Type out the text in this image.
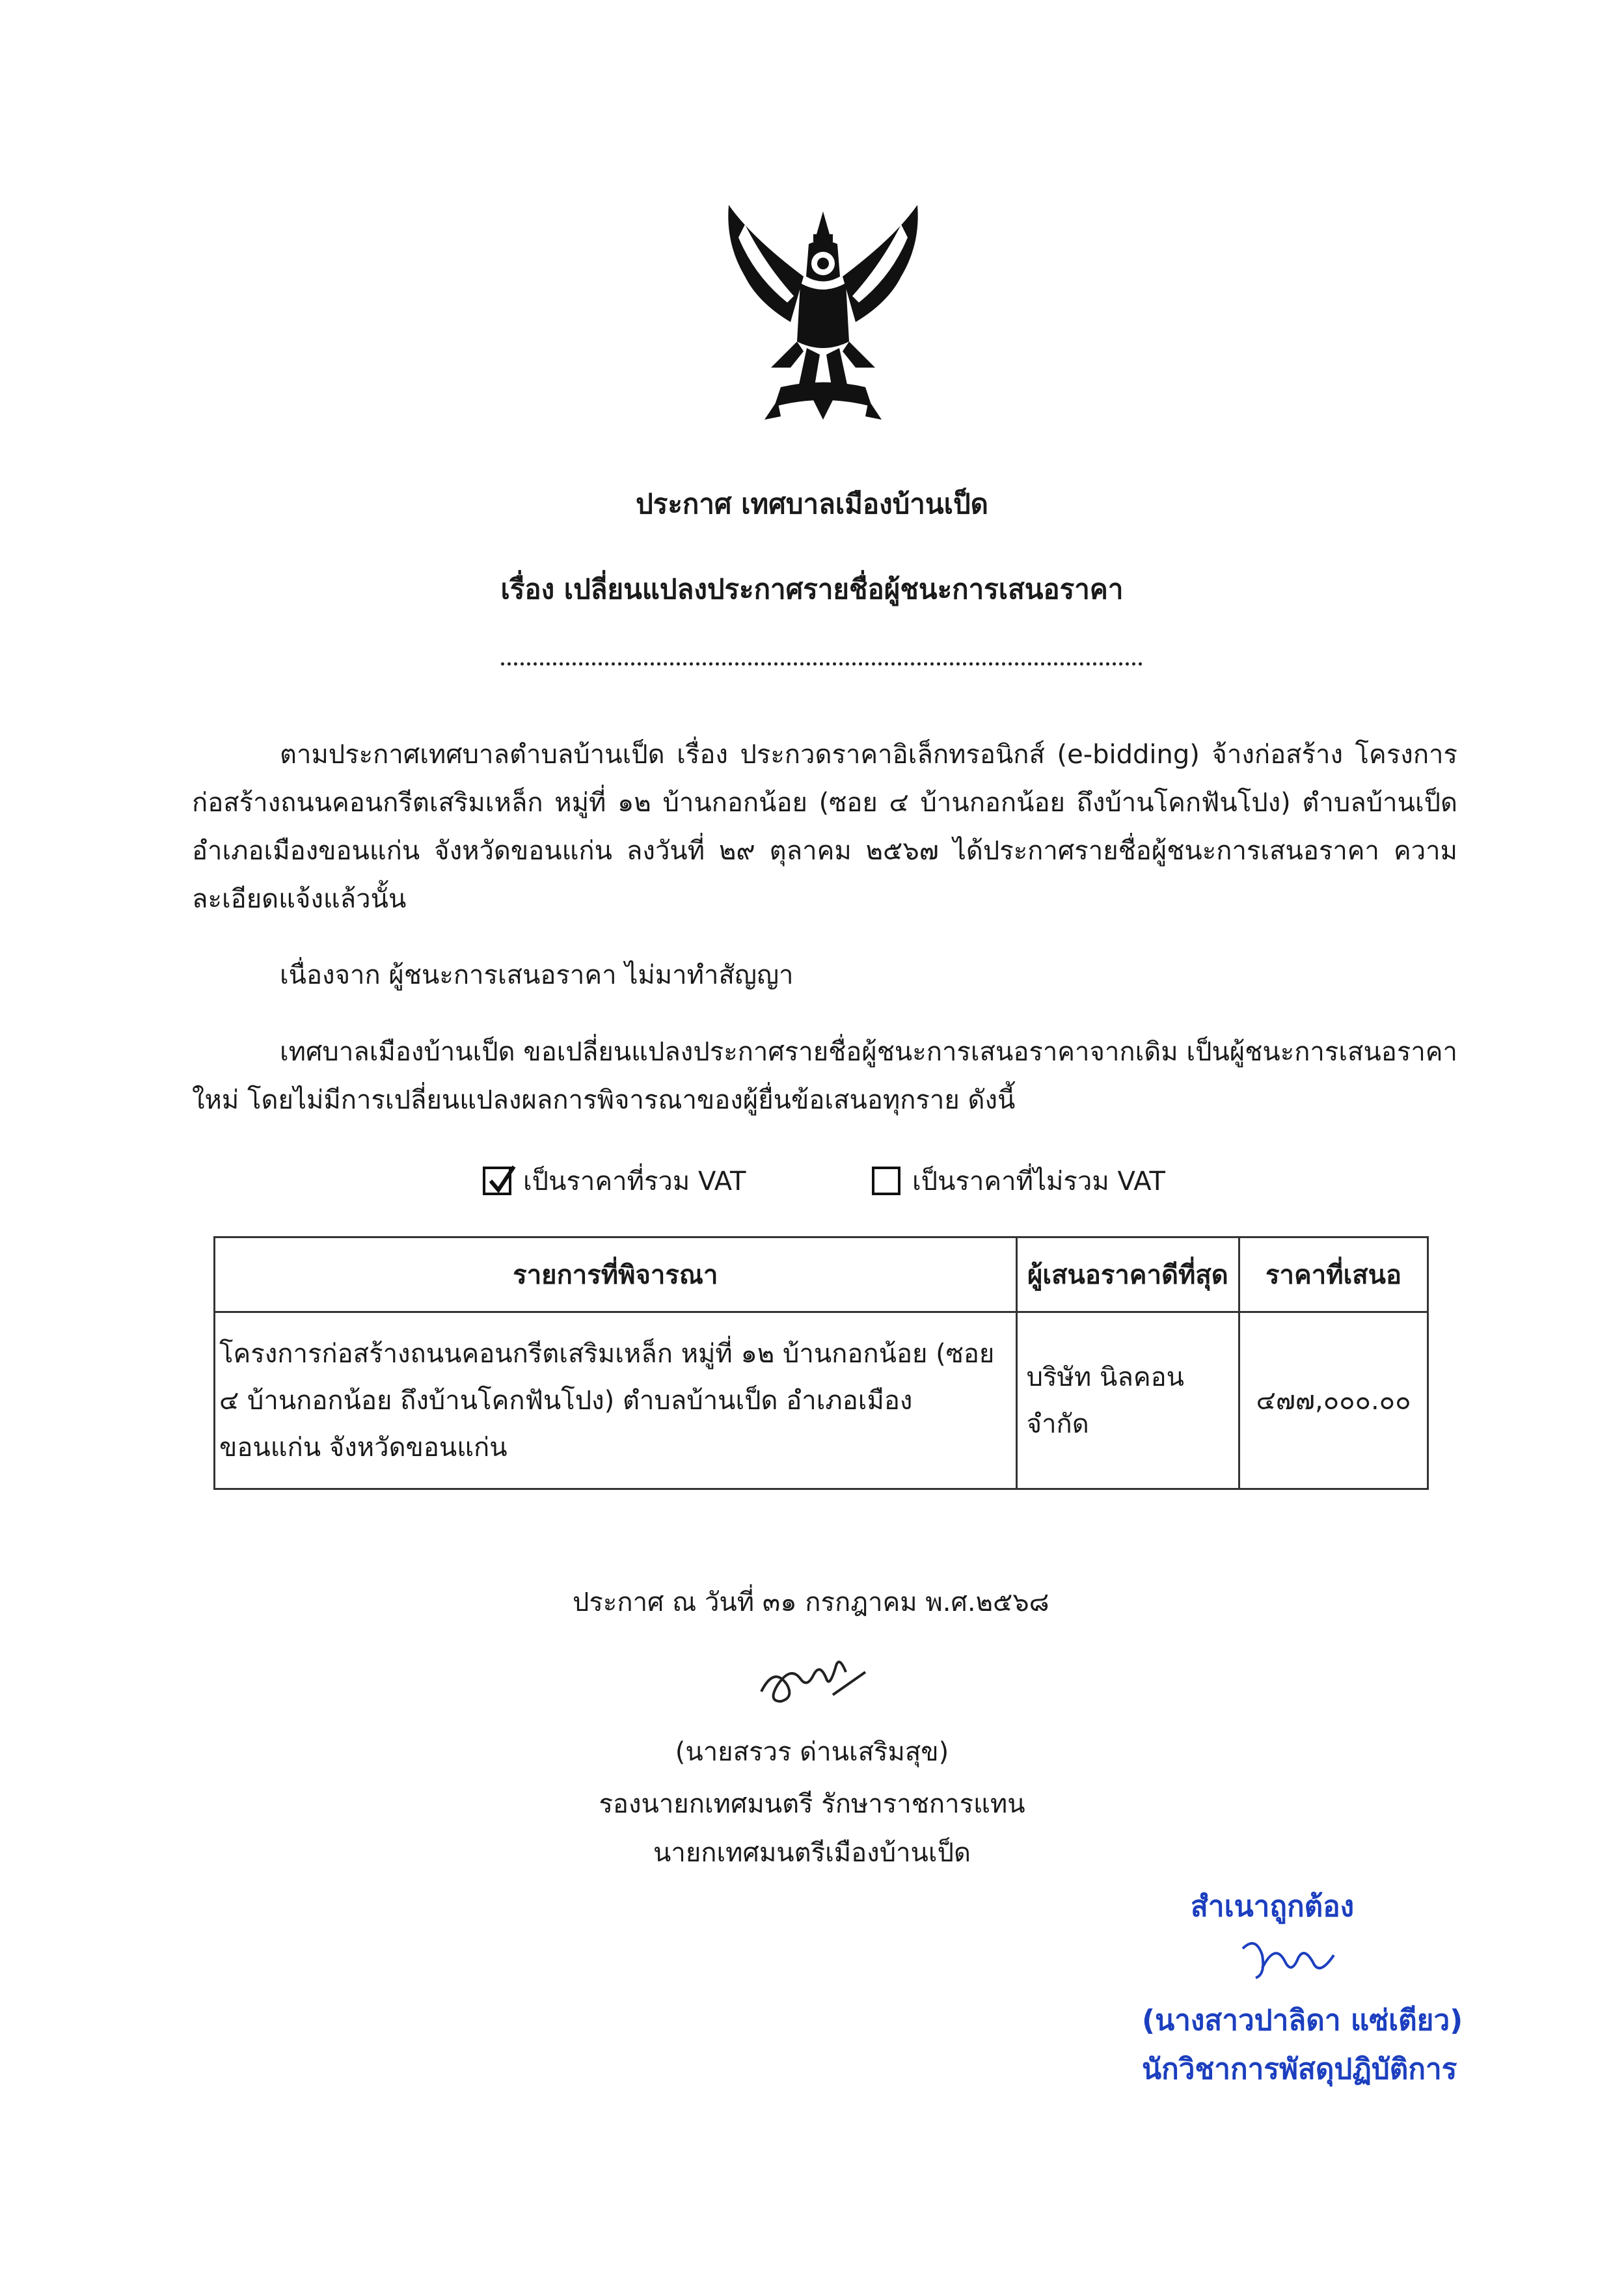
ประกาศ เทศบาลเมืองบ้านเป็ด
เรื่อง เปลี่ยนแปลงประกาศรายชื่อผู้ชนะการเสนอราคา
ตามประกาศเทศบาลตำบลบ้านเป็ด เรื่อง ประกวดราคาอิเล็กทรอนิกส์ (e-bidding) จ้างก่อสร้าง โครงการก่อสร้างถนนคอนกรีตเสริมเหล็ก หมู่ที่ ๑๒ บ้านกอกน้อย (ซอย ๔ บ้านกอกน้อย ถึงบ้านโคกฟันโปง) ตำบลบ้านเป็ด อำเภอเมืองขอนแก่น จังหวัดขอนแก่น ลงวันที่ ๒๙ ตุลาคม ๒๕๖๗ ได้ประกาศรายชื่อผู้ชนะการเสนอราคา ความละเอียดแจ้งแล้วนั้น
เนื่องจาก ผู้ชนะการเสนอราคา ไม่มาทำสัญญา
เทศบาลเมืองบ้านเป็ด ขอเปลี่ยนแปลงประกาศรายชื่อผู้ชนะการเสนอราคาจากเดิม เป็นผู้ชนะการเสนอราคาใหม่ โดยไม่มีการเปลี่ยนแปลงผลการพิจารณาของผู้ยื่นข้อเสนอทุกราย ดังนี้
เป็นราคาที่รวม VAT	เป็นราคาที่ไม่รวม VAT
รายการที่พิจารณา	ผู้เสนอราคาดีที่สุด	ราคาที่เสนอ
โครงการก่อสร้างถนนคอนกรีตเสริมเหล็ก หมู่ที่ ๑๒ บ้านกอกน้อย (ซอย ๔ บ้านกอกน้อย ถึงบ้านโคกฟันโปง) ตำบลบ้านเป็ด อำเภอเมืองขอนแก่น จังหวัดขอนแก่น	บริษัท นิลคอน จำกัด	๔๗๗,๐๐๐.๐๐
ประกาศ ณ วันที่ ๓๑ กรกฎาคม พ.ศ.๒๕๖๘
(นายสรวร ด่านเสริมสุข)
รองนายกเทศมนตรี รักษาราชการแทน
นายกเทศมนตรีเมืองบ้านเป็ด
สำเนาถูกต้อง
(นางสาวปาลิดา แซ่เตียว)
นักวิชาการพัสดุปฏิบัติการ
